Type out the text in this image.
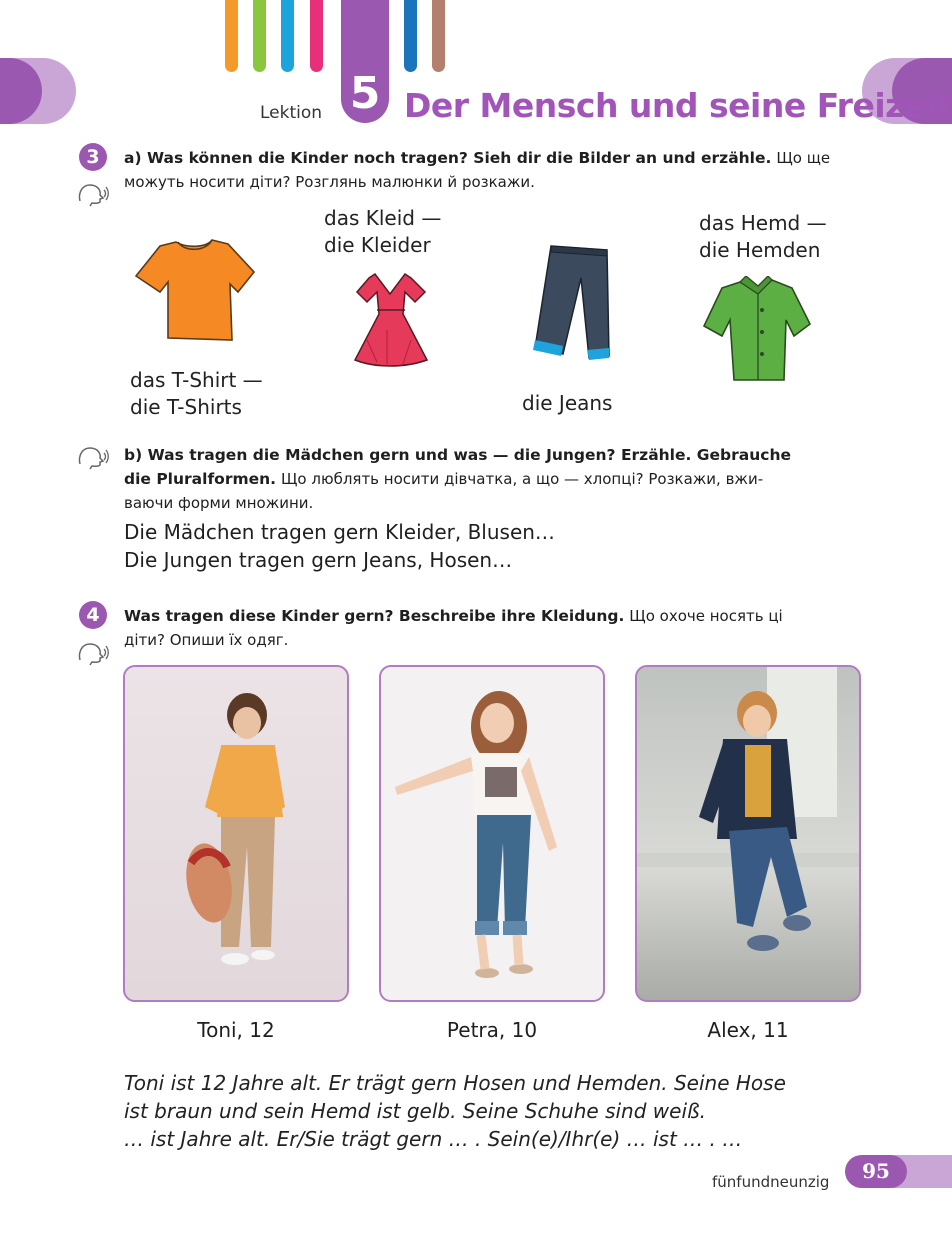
Lektion 5 Der Mensch und seine Freizeit
3	a) Was können die Kinder noch tragen? Sieh dir die Bilder an und erzähle. Що ще можуть носити діти? Розглянь малюнки й розкажи.
das T-Shirt —
die T-Shirts
das Kleid —
die Kleider
die Jeans
das Hemd —
die Hemden
b) Was tragen die Mädchen gern und was — die Jungen? Erzähle. Gebrauche
die Pluralformen. Що люблять носити дівчатка, а що — хлопці? Розкажи, вжи-
ваючи форми множини.
Die Mädchen tragen gern Kleider, Blusen…
Die Jungen tragen gern Jeans, Hosen…
4	Was tragen diese Kinder gern? Beschreibe ihre Kleidung. Що охоче носять ці
діти? Опиши їх одяг.
Toni, 12	Petra, 10	Alex, 11
Toni ist 12 Jahre alt. Er trägt gern Hosen und Hemden. Seine Hose
ist braun und sein Hemd ist gelb. Seine Schuhe sind weiß.
… ist Jahre alt. Er/Sie trägt gern … . Sein(e)/Ihr(e) … ist … . …
fünfundneunzig	95
